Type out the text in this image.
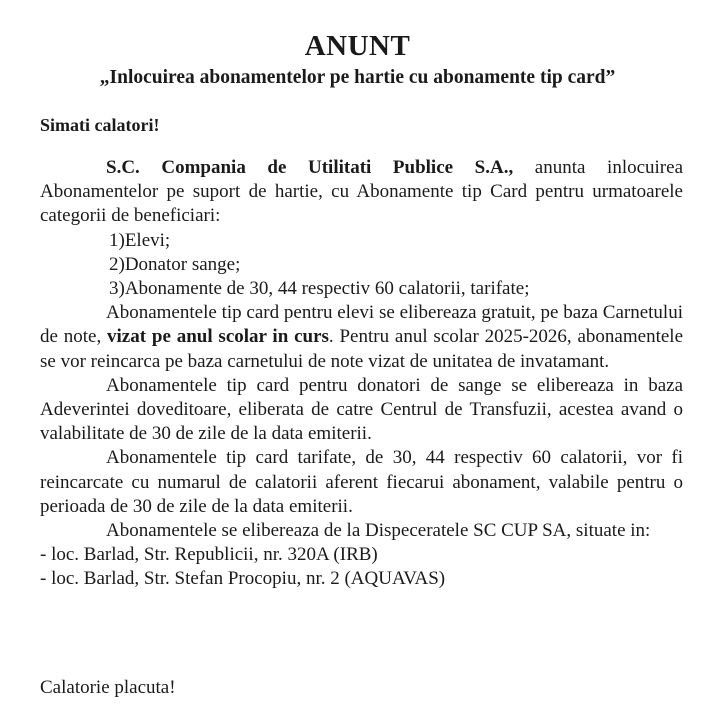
ANUNT
„Inlocuirea abonamentelor pe hartie cu abonamente tip card”
Simati calatori!

S.C. Compania de Utilitati Publice S.A., anunta inlocuirea Abonamentelor pe suport de hartie, cu Abonamente tip Card pentru urmatoarele categorii de beneficiari:

1)Elevi;
2)Donator sange;
3)Abonamente de 30, 44 respectiv 60 calatorii, tarifate;

Abonamentele tip card pentru elevi se elibereaza gratuit, pe baza Carnetului de note, vizat pe anul scolar in curs. Pentru anul scolar 2025-2026, abonamentele se vor reincarca pe baza carnetului de note vizat de unitatea de invatamant.

Abonamentele tip card pentru donatori de sange se elibereaza in baza Adeverintei doveditoare, eliberata de catre Centrul de Transfuzii, acestea avand o valabilitate de 30 de zile de la data emiterii.

Abonamentele tip card tarifate, de 30, 44 respectiv 60 calatorii, vor fi reincarcate cu numarul de calatorii aferent fiecarui abonament, valabile pentru o perioada de 30 de zile de la data emiterii.

Abonamentele se elibereaza de la Dispeceratele SC CUP SA, situate in:

- loc. Barlad, Str. Republicii, nr. 320A (IRB)
- loc. Barlad, Str. Stefan Procopiu, nr. 2 (AQUAVAS)

Calatorie placuta!
